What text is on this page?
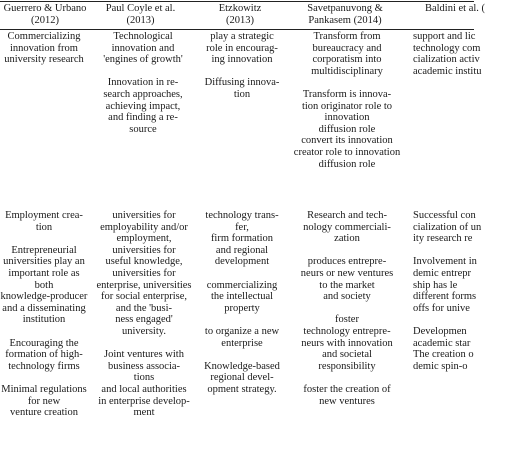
Guerrero & Urbano
(2012)
Paul Coyle et al.
(2013)
Etzkowitz
(2013)
Savetpanuvong &
Pankasem (2014)
Baldini et al. (
Commercializing
innovation from
university research
Technological
innovation and
'engines of growth'
Innovation in re-
search approaches,
achieving impact,
and finding a re-
source
play a strategic
role in encourag-
ing innovation
Diffusing innova-
tion
Transform from
bureaucracy and
corporatism into
multidisciplinary
Transform is innova-
tion originator role to
innovation
diffusion role
convert its innovation
creator role to innovation
diffusion role
support and lic
technology com
cialization activ
academic institu
Employment crea-
tion
Entrepreneurial
universities play an
important role as
both
knowledge-producer
and a disseminating
institution
Encouraging the
formation of high-
technology firms
Minimal regulations
for new
venture creation
universities for
employability and/or
employment,
universities for
useful knowledge,
universities for
enterprise, universities
for social enterprise,
and the 'busi-
ness engaged'
university.
Joint ventures with
business associa-
tions
and local authorities
in enterprise develop-
ment
technology trans-
fer,
firm formation
and regional
development
commercializing
the intellectual
property
to organize a new
enterprise
Knowledge-based
regional devel-
opment strategy.
Research and tech-
nology commerciali-
zation
produces entrepre-
neurs or new ventures
to the market
and society
foster
technology entrepre-
neurs with innovation
and societal
responsibility
foster the creation of
new ventures
Successful con
cialization of un
ity research re
Involvement in
demic entrepr
ship has le
different forms
offs for unive
Developmen
academic star
The creation o
demic spin-o
